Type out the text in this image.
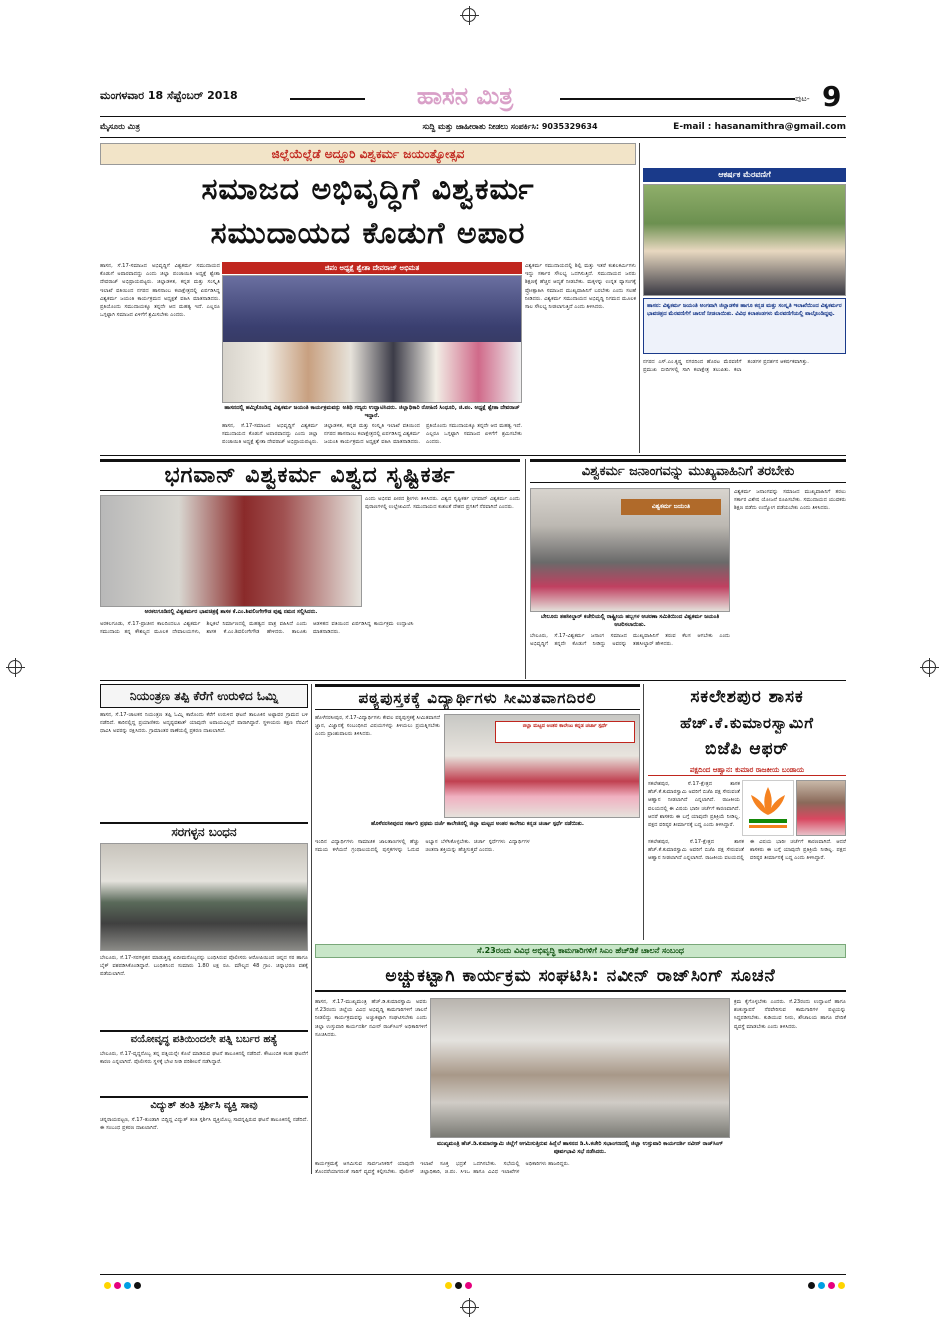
ಮಂಗಳವಾರ 18 ಸೆಪ್ಟೆಂಬರ್ 2018	ಹಾಸನ ಮಿತ್ರ	ಪುಟ- 9
ಮೈಸೂರು ಮಿತ್ರ	ಸುದ್ದಿ ಮತ್ತು ಜಾಹೀರಾತು ನೀಡಲು ಸಂಪರ್ಕಿಸಿ: 9035329634	E-mail : hasanamithra@gmail.com
ಜಿಲ್ಲೆಯೆಲ್ಲೆಡೆ ಅದ್ದೂರಿ ವಿಶ್ವಕರ್ಮ ಜಯಂತ್ಯೋತ್ಸವ
ಸಮಾಜದ ಅಭಿವೃದ್ಧಿಗೆ ವಿಶ್ವಕರ್ಮ
ಸಮುದಾಯದ ಕೊಡುಗೆ ಅಪಾರ
ಹಾಸನ, ಸೆ.17-ಸಮಾಜದ ಅಭಿವೃದ್ಧಿಗೆ ವಿಶ್ವಕರ್ಮ ಸಮುದಾಯದ ಕೊಡುಗೆ ಅಪಾರವಾದದ್ದು ಎಂದು ಜಿಲ್ಲಾ ಪಂಚಾಯಿತಿ ಅಧ್ಯಕ್ಷೆ ಶ್ವೇತಾ ದೇವರಾಜ್ ಅಭಿಪ್ರಾಯಪಟ್ಟರು. ಜಿಲ್ಲಾಡಳಿತ, ಕನ್ನಡ ಮತ್ತು ಸಂಸ್ಕೃತಿ ಇಲಾಖೆ ವತಿಯಿಂದ ನಗರದ ಹಾಸನಾಂಬ ಕಲಾಕ್ಷೇತ್ರದಲ್ಲಿ ಏರ್ಪಡಿಸಿದ್ದ ವಿಶ್ವಕರ್ಮ ಜಯಂತಿ ಕಾರ್ಯಕ್ರಮದ ಅಧ್ಯಕ್ಷತೆ ವಹಿಸಿ ಮಾತನಾಡಿದರು. ಪ್ರತಿಯೊಂದು ಸಮುದಾಯಕ್ಕೂ ತನ್ನದೇ ಆದ ಮಹತ್ವ ಇದೆ. ಎಲ್ಲರೂ ಒಗ್ಗಟ್ಟಾಗಿ ಸಮಾಜದ ಏಳಿಗೆಗೆ ಶ್ರಮಿಸಬೇಕು ಎಂದರು.
ಜಿಪಂ ಅಧ್ಯಕ್ಷೆ ಶ್ವೇತಾ ದೇವರಾಜ್ ಅಭಿಮತ
ಹಾಸನದಲ್ಲಿ ಹಮ್ಮಿಕೊಂಡಿದ್ದ ವಿಶ್ವಕರ್ಮ ಜಯಂತಿ ಕಾರ್ಯಕ್ರಮವನ್ನು ಅತಿಥಿ ಗಣ್ಯರು ಉದ್ಘಾಟಿಸಿದರು. ಜಿಲ್ಲಾಧಿಕಾರಿ ರೋಹಿಣಿ ಸಿಂಧೂರಿ, ಜಿ.ಪಂ. ಅಧ್ಯಕ್ಷೆ ಶ್ವೇತಾ ದೇವರಾಜ್ ಇದ್ದಾರೆ.
ವಿಶ್ವಕರ್ಮ ಸಮುದಾಯದಲ್ಲಿ ಶಿಲ್ಪಿ ಮತ್ತು ಇತರೆ ಕುಶಲಕರ್ಮಿಗಳು ಇದ್ದು ಸರ್ಕಾರ ಸೌಲಭ್ಯ ಒದಗಿಸುತ್ತಿದೆ. ಸಮುದಾಯದ ಜನರು ಶಿಕ್ಷಣಕ್ಕೆ ಹೆಚ್ಚಿನ ಆದ್ಯತೆ ನೀಡಬೇಕು. ಮಕ್ಕಳನ್ನು ಉನ್ನತ ವ್ಯಾಸಂಗಕ್ಕೆ ಪ್ರೋತ್ಸಾಹಿಸಿ ಸಮಾಜದ ಮುಖ್ಯವಾಹಿನಿಗೆ ಬರಬೇಕು ಎಂದು ಸಲಹೆ ನೀಡಿದರು. ವಿಶ್ವಕರ್ಮ ಸಮುದಾಯದ ಅಭಿವೃದ್ಧಿ ನಿಗಮದ ಮೂಲಕ ಸಾಲ ಸೌಲಭ್ಯ ನೀಡಲಾಗುತ್ತಿದೆ ಎಂದು ತಿಳಿಸಿದರು.
ಹಾಸನ, ಸೆ.17-ಸಮಾಜದ ಅಭಿವೃದ್ಧಿಗೆ ವಿಶ್ವಕರ್ಮ ಸಮುದಾಯದ ಕೊಡುಗೆ ಅಪಾರವಾದದ್ದು ಎಂದು ಜಿಲ್ಲಾ ಪಂಚಾಯಿತಿ ಅಧ್ಯಕ್ಷೆ ಶ್ವೇತಾ ದೇವರಾಜ್ ಅಭಿಪ್ರಾಯಪಟ್ಟರು. ಜಿಲ್ಲಾಡಳಿತ, ಕನ್ನಡ ಮತ್ತು ಸಂಸ್ಕೃತಿ ಇಲಾಖೆ ವತಿಯಿಂದ ನಗರದ ಹಾಸನಾಂಬ ಕಲಾಕ್ಷೇತ್ರದಲ್ಲಿ ಏರ್ಪಡಿಸಿದ್ದ ವಿಶ್ವಕರ್ಮ ಜಯಂತಿ ಕಾರ್ಯಕ್ರಮದ ಅಧ್ಯಕ್ಷತೆ ವಹಿಸಿ ಮಾತನಾಡಿದರು. ಪ್ರತಿಯೊಂದು ಸಮುದಾಯಕ್ಕೂ ತನ್ನದೇ ಆದ ಮಹತ್ವ ಇದೆ. ಎಲ್ಲರೂ ಒಗ್ಗಟ್ಟಾಗಿ ಸಮಾಜದ ಏಳಿಗೆಗೆ ಶ್ರಮಿಸಬೇಕು ಎಂದರು.
ಆಕರ್ಷಕ ಮೆರವಣಿಗೆ
ಹಾಸನ: ವಿಶ್ವಕರ್ಮ ಜಯಂತಿ ಅಂಗವಾಗಿ ಜಿಲ್ಲಾಡಳಿತ ಹಾಗೂ ಕನ್ನಡ ಮತ್ತು ಸಂಸ್ಕೃತಿ ಇಲಾಖೆಯಿಂದ ವಿಶ್ವಕರ್ಮರ ಭಾವಚಿತ್ರದ ಮೆರವಣಿಗೆಗೆ ಚಾಲನೆ ನೀಡಲಾಯಿತು. ವಿವಿಧ ಕಲಾತಂಡಗಳು ಮೆರವಣಿಗೆಯಲ್ಲಿ ಪಾಲ್ಗೊಂಡಿದ್ದವು.
ನಗರದ ಎಸ್.ಎಂ.ಕೃಷ್ಣ ನಗರದಿಂದ ಹೊರಟ ಮೆರವಣಿಗೆ ಪ್ರಮುಖ ಬೀದಿಗಳಲ್ಲಿ ಸಾಗಿ ಕಲಾಕ್ಷೇತ್ರ ತಲುಪಿತು. ಕಲಾ ತಂಡಗಳ ಪ್ರದರ್ಶನ ಆಕರ್ಷಕವಾಗಿತ್ತು.
ಭಗವಾನ್ ವಿಶ್ವಕರ್ಮ ವಿಶ್ವದ ಸೃಷ್ಟಿಕರ್ತ
ಅರಕಲಗೂಡಿನಲ್ಲಿ ವಿಶ್ವಕರ್ಮರ ಭಾವಚಿತ್ರಕ್ಕೆ ಶಾಸಕ ಕೆ.ಎಂ.ಶಿವಲಿಂಗೇಗೌಡ ಪುಷ್ಪ ನಮನ ಸಲ್ಲಿಸಿದರು.
ಎಂದು ಅಭಿನವ ಪೀಠದ ಶ್ರೀಗಳು ತಿಳಿಸಿದರು. ವಿಶ್ವದ ಸೃಷ್ಟಿಕರ್ತ ಭಗವಾನ್ ವಿಶ್ವಕರ್ಮ ಎಂದು ಪುರಾಣಗಳಲ್ಲಿ ಉಲ್ಲೇಖವಿದೆ. ಸಮುದಾಯದ ಕುಶಲತೆ ದೇಶದ ಪ್ರಗತಿಗೆ ನೆರವಾಗಿದೆ ಎಂದರು.
ಅರಕಲಗೂಡು, ಸೆ.17-ಪ್ರಾಚೀನ ಕಾಲದಿಂದಲೂ ವಿಶ್ವಕರ್ಮ ಸಮುದಾಯ ತನ್ನ ಕೌಶಲ್ಯದ ಮೂಲಕ ದೇವಾಲಯಗಳು, ಶಿಲ್ಪಕಲೆ ನಿರ್ಮಾಣದಲ್ಲಿ ಮಹತ್ವದ ಪಾತ್ರ ವಹಿಸಿದೆ ಎಂದು ಶಾಸಕ ಕೆ.ಎಂ.ಶಿವಲಿಂಗೇಗೌಡ ಹೇಳಿದರು. ತಾಲೂಕು ಆಡಳಿತದ ವತಿಯಿಂದ ಏರ್ಪಡಿಸಿದ್ದ ಕಾರ್ಯಕ್ರಮ ಉದ್ಘಾಟಿಸಿ ಮಾತನಾಡಿದರು.
ವಿಶ್ವಕರ್ಮ ಜನಾಂಗವನ್ನು ಮುಖ್ಯವಾಹಿನಿಗೆ ತರಬೇಕು
ವಿಶ್ವಕರ್ಮ ಜಯಂತಿ
ಬೇಲೂರು ತಹಸೀಲ್ದಾರ್ ಕಚೇರಿಯಲ್ಲಿ ರಾಷ್ಟ್ರೀಯ ಹಬ್ಬಗಳ ಆಚರಣಾ ಸಮಿತಿಯಿಂದ ವಿಶ್ವಕರ್ಮ ಜಯಂತಿ ಆಚರಿಸಲಾಯಿತು.
ವಿಶ್ವಕರ್ಮ ಜನಾಂಗವನ್ನು ಸಮಾಜದ ಮುಖ್ಯವಾಹಿನಿಗೆ ತರಲು ಸರ್ಕಾರ ವಿಶೇಷ ಯೋಜನೆ ರೂಪಿಸಬೇಕು. ಸಮುದಾಯದ ಯುವಕರು ಶಿಕ್ಷಣ ಪಡೆದು ಉದ್ಯೋಗ ಪಡೆಯಬೇಕು ಎಂದು ತಿಳಿಸಿದರು.
ಬೇಲೂರು, ಸೆ.17-ವಿಶ್ವಕರ್ಮ ಜನಾಂಗ ಸಮಾಜದ ಅಭಿವೃದ್ಧಿಗೆ ತನ್ನದೇ ಕೊಡುಗೆ ನೀಡಿದ್ದು ಅವರನ್ನು ಮುಖ್ಯವಾಹಿನಿಗೆ ತರುವ ಕೆಲಸ ಆಗಬೇಕು ಎಂದು ತಹಸೀಲ್ದಾರ್ ಹೇಳಿದರು.
ನಿಯಂತ್ರಣ ತಪ್ಪಿ ಕೆರೆಗೆ ಉರುಳಿದ ಓಮ್ನಿ
ಹಾಸನ, ಸೆ.17-ಚಾಲಕನ ನಿಯಂತ್ರಣ ತಪ್ಪಿ ಓಮ್ನಿ ಕಾರೊಂದು ಕೆರೆಗೆ ಉರುಳಿದ ಘಟನೆ ತಾಲೂಕಿನ ಅಟ್ಟಾವರ ಗ್ರಾಮದ ಬಳಿ ನಡೆದಿದೆ. ಕಾರಿನಲ್ಲಿದ್ದ ಪ್ರಯಾಣಿಕರು ಅದೃಷ್ಟವಶಾತ್ ಯಾವುದೇ ಅಪಾಯವಿಲ್ಲದೆ ಪಾರಾಗಿದ್ದಾರೆ. ಸ್ಥಳೀಯರು ತಕ್ಷಣ ನೆರವಿಗೆ ಧಾವಿಸಿ ಅವರನ್ನು ರಕ್ಷಿಸಿದರು. ಗ್ರಾಮಾಂತರ ಠಾಣೆಯಲ್ಲಿ ಪ್ರಕರಣ ದಾಖಲಾಗಿದೆ.
ಸರಗಳ್ಳನ ಬಂಧನ
ಬೇಲೂರು, ಸೆ.17-ಸರಗಳ್ಳತನ ಮಾಡುತ್ತಿದ್ದ ಖದೀಮನೊಬ್ಬನನ್ನು ಬಂಧಿಸಿರುವ ಪೊಲೀಸರು ಆರೋಪಿಯಿಂದ ಚಿನ್ನದ ಸರ ಹಾಗೂ ಬೈಕ್ ವಶಪಡಿಸಿಕೊಂಡಿದ್ದಾರೆ. ಬಂಧಿತನಿಂದ ಸುಮಾರು 1.80 ಲಕ್ಷ ರೂ. ಮೌಲ್ಯದ 48 ಗ್ರಾಂ. ಚಿನ್ನಾಭರಣ ವಶಕ್ಕೆ ಪಡೆಯಲಾಗಿದೆ.
ವಯೋವೃದ್ಧ ಪತಿಯಿಂದಲೇ ಪತ್ನಿ ಬರ್ಬರ ಹತ್ಯೆ
ಬೇಲೂರು, ಸೆ.17-ವೃದ್ಧನೊಬ್ಬ ತನ್ನ ಪತ್ನಿಯನ್ನೇ ಕೊಲೆ ಮಾಡಿರುವ ಘಟನೆ ತಾಲೂಕಿನಲ್ಲಿ ನಡೆದಿದೆ. ಕೌಟುಂಬಿಕ ಕಲಹ ಘಟನೆಗೆ ಕಾರಣ ಎನ್ನಲಾಗಿದೆ. ಪೊಲೀಸರು ಸ್ಥಳಕ್ಕೆ ಭೇಟಿ ನೀಡಿ ಪರಿಶೀಲನೆ ನಡೆಸಿದ್ದಾರೆ.
ವಿದ್ಯುತ್ ತಂತಿ ಸ್ಪರ್ಶಿಸಿ ವ್ಯಕ್ತಿ ಸಾವು
ಚನ್ನರಾಯಪಟ್ಟಣ, ಸೆ.17-ತುಂಡಾಗಿ ಬಿದ್ದಿದ್ದ ವಿದ್ಯುತ್ ತಂತಿ ಸ್ಪರ್ಶಿಸಿ ವ್ಯಕ್ತಿಯೊಬ್ಬ ಸಾವನ್ನಪ್ಪಿರುವ ಘಟನೆ ತಾಲೂಕಿನಲ್ಲಿ ನಡೆದಿದೆ. ಈ ಸಂಬಂಧ ಪ್ರಕರಣ ದಾಖಲಾಗಿದೆ.
ಪಠ್ಯಪುಸ್ತಕಕ್ಕೆ ವಿದ್ಯಾರ್ಥಿಗಳು ಸೀಮಿತವಾಗದಿರಲಿ
ಹೊಳೆನರಸೀಪುರ, ಸೆ.17-ವಿದ್ಯಾರ್ಥಿಗಳು ಕೇವಲ ಪಠ್ಯಪುಸ್ತಕಕ್ಕೆ ಸೀಮಿತವಾಗದೆ ಜ್ಞಾನ, ವಿಜ್ಞಾನಕ್ಕೆ ಸಂಬಂಧಿಸಿದ ವಿಷಯಗಳನ್ನು ತಿಳಿಯಲು ಪ್ರಯತ್ನಿಸಬೇಕು ಎಂದು ಪ್ರಾಂಶುಪಾಲರು ತಿಳಿಸಿದರು.
ಜಿಲ್ಲಾ ಮಟ್ಟದ ಅಂತರ ಕಾಲೇಜು ಕನ್ನಡ ಚರ್ಚಾ ಸ್ಪರ್ಧೆ
ಹೊಳೆನರಸೀಪುರದ ಸರ್ಕಾರಿ ಪ್ರಥಮ ದರ್ಜೆ ಕಾಲೇಜಿನಲ್ಲಿ ಜಿಲ್ಲಾ ಮಟ್ಟದ ಅಂತರ ಕಾಲೇಜು ಕನ್ನಡ ಚರ್ಚಾ ಸ್ಪರ್ಧೆ ನಡೆಯಿತು.
ಇಂದಿನ ವಿದ್ಯಾರ್ಥಿಗಳು ಸಾಮಾಜಿಕ ಜಾಲತಾಣಗಳಲ್ಲಿ ಹೆಚ್ಚು ಸಮಯ ಕಳೆಯದೆ ಗ್ರಂಥಾಲಯದಲ್ಲಿ ಪುಸ್ತಕಗಳನ್ನು ಓದುವ ಅಭ್ಯಾಸ ಬೆಳೆಸಿಕೊಳ್ಳಬೇಕು. ಚರ್ಚಾ ಸ್ಪರ್ಧೆಗಳು ವಿದ್ಯಾರ್ಥಿಗಳ ಚಿಂತನಾ ಶಕ್ತಿಯನ್ನು ಹೆಚ್ಚಿಸುತ್ತವೆ ಎಂದರು.
ಸಕಲೇಶಪುರ ಶಾಸಕ
ಹೆಚ್.ಕೆ.ಕುಮಾರಸ್ವಾಮಿಗೆ
ಬಿಜೆಪಿ ಆಫರ್
ಪಕ್ಷದಿಂದ ಆಹ್ವಾನ: ಕುಮಾರ ರಾಜಕೀಯ ಬಂಡಾಯ
ಸಕಲೇಶಪುರ, ಸೆ.17-ಕ್ಷೇತ್ರದ ಶಾಸಕ ಹೆಚ್.ಕೆ.ಕುಮಾರಸ್ವಾಮಿ ಅವರಿಗೆ ಬಿಜೆಪಿ ಪಕ್ಷ ಸೇರುವಂತೆ ಆಹ್ವಾನ ನೀಡಲಾಗಿದೆ ಎನ್ನಲಾಗಿದೆ. ರಾಜಕೀಯ ವಲಯದಲ್ಲಿ ಈ ವಿಷಯ ಭಾರೀ ಚರ್ಚೆಗೆ ಕಾರಣವಾಗಿದೆ. ಆದರೆ ಶಾಸಕರು ಈ ಬಗ್ಗೆ ಯಾವುದೇ ಪ್ರತಿಕ್ರಿಯೆ ನೀಡಿಲ್ಲ. ಪಕ್ಷದ ವರಿಷ್ಠರ ತೀರ್ಮಾನಕ್ಕೆ ಬದ್ಧ ಎಂದು ತಿಳಿಸಿದ್ದಾರೆ.
ಸಕಲೇಶಪುರ, ಸೆ.17-ಕ್ಷೇತ್ರದ ಶಾಸಕ ಹೆಚ್.ಕೆ.ಕುಮಾರಸ್ವಾಮಿ ಅವರಿಗೆ ಬಿಜೆಪಿ ಪಕ್ಷ ಸೇರುವಂತೆ ಆಹ್ವಾನ ನೀಡಲಾಗಿದೆ ಎನ್ನಲಾಗಿದೆ. ರಾಜಕೀಯ ವಲಯದಲ್ಲಿ ಈ ವಿಷಯ ಭಾರೀ ಚರ್ಚೆಗೆ ಕಾರಣವಾಗಿದೆ. ಆದರೆ ಶಾಸಕರು ಈ ಬಗ್ಗೆ ಯಾವುದೇ ಪ್ರತಿಕ್ರಿಯೆ ನೀಡಿಲ್ಲ. ಪಕ್ಷದ ವರಿಷ್ಠರ ತೀರ್ಮಾನಕ್ಕೆ ಬದ್ಧ ಎಂದು ತಿಳಿಸಿದ್ದಾರೆ.
ಸೆ.23ರಂದು ವಿವಿಧ ಅಭಿವೃದ್ಧಿ ಕಾಮಗಾರಿಗಳಿಗೆ ಸಿಎಂ ಹೆಚ್‌ಡಿಕೆ ಚಾಲನೆ ಸಂಬಂಧ
ಅಚ್ಚುಕಟ್ಟಾಗಿ ಕಾರ್ಯಕ್ರಮ ಸಂಘಟಿಸಿ: ನವೀನ್ ರಾಜ್‌ಸಿಂಗ್ ಸೂಚನೆ
ಹಾಸನ, ಸೆ.17-ಮುಖ್ಯಮಂತ್ರಿ ಹೆಚ್.ಡಿ.ಕುಮಾರಸ್ವಾಮಿ ಅವರು ಸೆ.23ರಂದು ಜಿಲ್ಲೆಯ ವಿವಿಧ ಅಭಿವೃದ್ಧಿ ಕಾಮಗಾರಿಗಳಿಗೆ ಚಾಲನೆ ನೀಡಲಿದ್ದು ಕಾರ್ಯಕ್ರಮವನ್ನು ಅಚ್ಚುಕಟ್ಟಾಗಿ ಸಂಘಟಿಸಬೇಕು ಎಂದು ಜಿಲ್ಲಾ ಉಸ್ತುವಾರಿ ಕಾರ್ಯದರ್ಶಿ ನವೀನ್ ರಾಜ್‌ಸಿಂಗ್ ಅಧಿಕಾರಿಗಳಿಗೆ ಸೂಚಿಸಿದರು.
ಮುಖ್ಯಮಂತ್ರಿ ಹೆಚ್.ಡಿ.ಕುಮಾರಸ್ವಾಮಿ ಜಿಲ್ಲೆಗೆ ಆಗಮಿಸುತ್ತಿರುವ ಹಿನ್ನೆಲೆ ಹಾಸನದ ಡಿ.ಸಿ.ಕಚೇರಿ ಸಭಾಂಗಣದಲ್ಲಿ ಜಿಲ್ಲಾ ಉಸ್ತುವಾರಿ ಕಾರ್ಯದರ್ಶಿ ನವೀನ್ ರಾಜ್‌ಸಿಂಗ್ ಪೂರ್ವಭಾವಿ ಸಭೆ ನಡೆಸಿದರು.
ಕ್ರಮ ಕೈಗೊಳ್ಳಬೇಕು ಎಂದರು. ಸೆ.23ರಂದು ಉದ್ಘಾಟನೆ ಹಾಗೂ ಶಂಕುಸ್ಥಾಪನೆ ನೆರವೇರಿಸುವ ಕಾಮಗಾರಿಗಳ ಪಟ್ಟಿಯನ್ನು ಸಿದ್ಧಪಡಿಸಬೇಕು. ಕುಡಿಯುವ ನೀರು, ಶೌಚಾಲಯ ಹಾಗೂ ವೇದಿಕೆ ವ್ಯವಸ್ಥೆ ಮಾಡಬೇಕು ಎಂದು ತಿಳಿಸಿದರು.
ಕಾರ್ಯಕ್ರಮಕ್ಕೆ ಆಗಮಿಸುವ ಸಾರ್ವಜನಿಕರಿಗೆ ಯಾವುದೇ ತೊಂದರೆಯಾಗದಂತೆ ಸಾರಿಗೆ ವ್ಯವಸ್ಥೆ ಕಲ್ಪಿಸಬೇಕು. ಪೊಲೀಸ್ ಇಲಾಖೆ ಸೂಕ್ತ ಭದ್ರತೆ ಒದಗಿಸಬೇಕು. ಸಭೆಯಲ್ಲಿ ಜಿಲ್ಲಾಧಿಕಾರಿ, ಜಿ.ಪಂ. ಸಿಇಒ ಹಾಗೂ ವಿವಿಧ ಇಲಾಖೆಗಳ ಅಧಿಕಾರಿಗಳು ಹಾಜರಿದ್ದರು.
